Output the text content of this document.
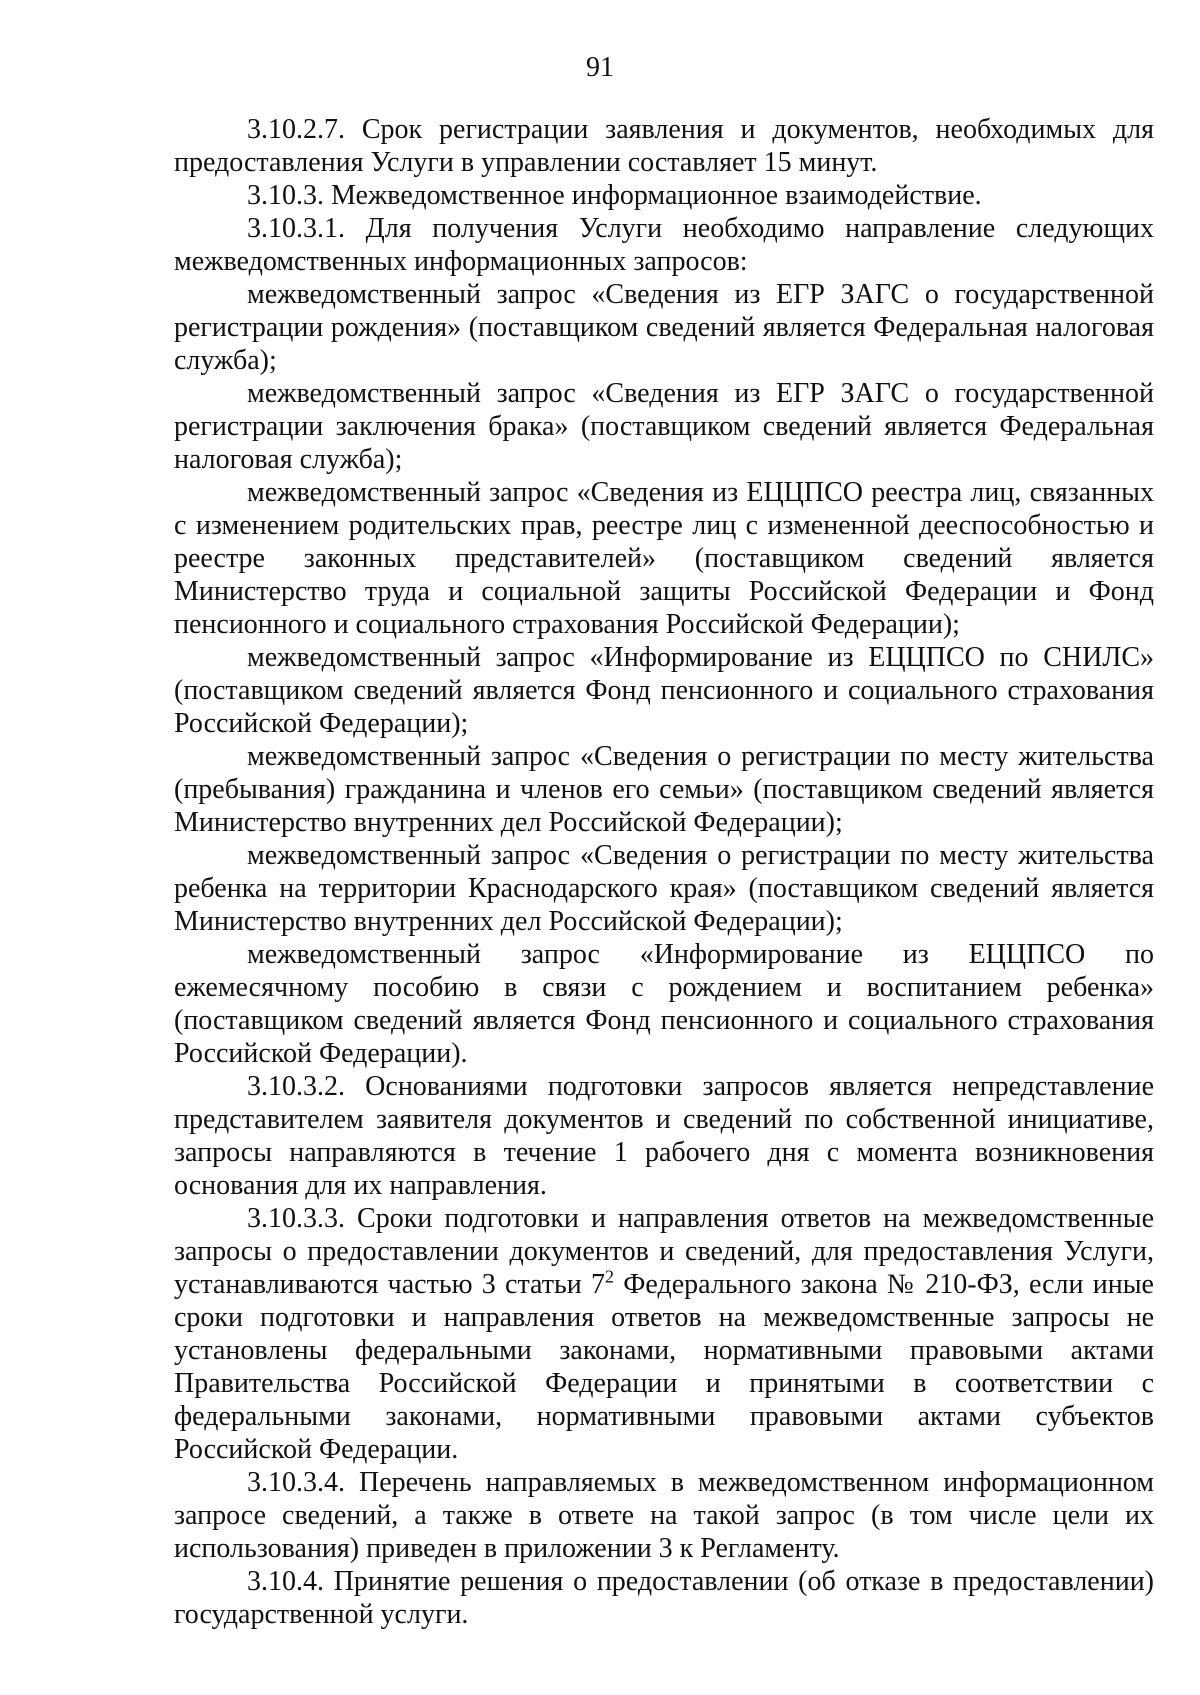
91

3.10.2.7. Срок регистрации заявления и документов, необходимых для предоставления Услуги в управлении составляет 15 минут.

3.10.3. Межведомственное информационное взаимодействие.

3.10.3.1. Для получения Услуги необходимо направление следующих межведомственных информационных запросов:

межведомственный запрос «Сведения из ЕГР ЗАГС о государственной регистрации рождения» (поставщиком сведений является Федеральная налоговая служба);

межведомственный запрос «Сведения из ЕГР ЗАГС о государственной регистрации заключения брака» (поставщиком сведений является Федеральная налоговая служба);

межведомственный запрос «Сведения из ЕЦЦПСО реестра лиц, связанных с изменением родительских прав, реестре лиц с измененной дееспособностью и реестре законных представителей» (поставщиком сведений является Министерство труда и социальной защиты Российской Федерации и Фонд пенсионного и социального страхования Российской Федерации);

межведомственный запрос «Информирование из ЕЦЦПСО по СНИЛС» (поставщиком сведений является Фонд пенсионного и социального страхования Российской Федерации);

межведомственный запрос «Сведения о регистрации по месту жительства (пребывания) гражданина и членов его семьи» (поставщиком сведений является Министерство внутренних дел Российской Федерации);

межведомственный запрос «Сведения о регистрации по месту жительства ребенка на территории Краснодарского края» (поставщиком сведений является Министерство внутренних дел Российской Федерации);

межведомственный запрос «Информирование из ЕЦЦПСО по ежемесячному пособию в связи с рождением и воспитанием ребенка» (поставщиком сведений является Фонд пенсионного и социального страхования Российской Федерации).

3.10.3.2. Основаниями подготовки запросов является непредставление представителем заявителя документов и сведений по собственной инициативе, запросы направляются в течение 1 рабочего дня с момента возникновения основания для их направления.

3.10.3.3. Сроки подготовки и направления ответов на межведомственные запросы о предоставлении документов и сведений, для предоставления Услуги, устанавливаются частью 3 статьи $7^2$ Федерального закона № 210-ФЗ, если иные сроки подготовки и направления ответов на межведомственные запросы не установлены федеральными законами, нормативными правовыми актами Правительства Российской Федерации и принятыми в соответствии с федеральными законами, нормативными правовыми актами субъектов Российской Федерации.

3.10.3.4. Перечень направляемых в межведомственном информационном запросе сведений, а также в ответе на такой запрос (в том числе цели их использования) приведен в приложении 3 к Регламенту.

3.10.4. Принятие решения о предоставлении (об отказе в предоставлении) государственной услуги.
